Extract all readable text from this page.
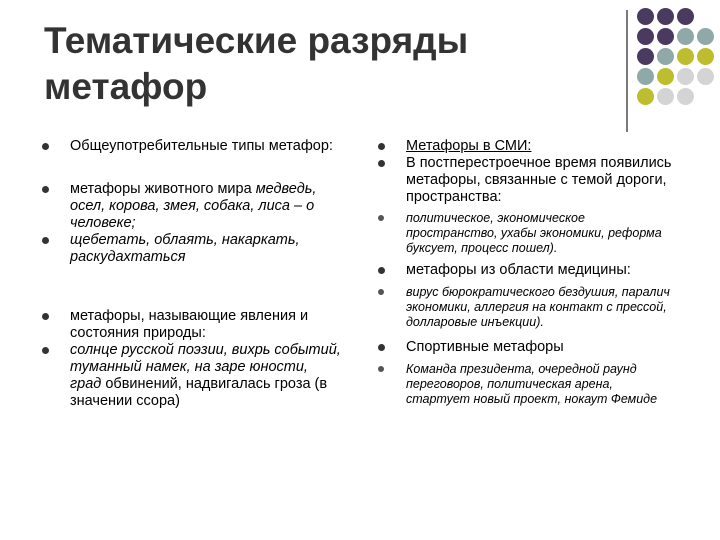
Тематические разряды
метафор
Общеупотребительные типы метафор:
метафоры животного мира медведь, осел, корова, змея, собака, лиса – о человеке;
щебетать, облаять, накаркать, раскудахтаться
метафоры, называющие явления и состояния природы:
солнце русской поэзии, вихрь событий, туманный намек, на заре юности, град обвинений, надвигалась гроза (в значении ссора)
Метафоры в СМИ:
В постперестроечное время появились метафоры, связанные с темой дороги, пространства:
политическое, экономическое пространство, ухабы экономики, реформа буксует, процесс пошел).
метафоры из области медицины:
вирус бюрократического бездушия, паралич экономики, аллергия на контакт с прессой, долларовые инъекции).
Спортивные метафоры
Команда президента, очередной раунд переговоров, политическая арена, стартует новый проект, нокаут Фемиде
